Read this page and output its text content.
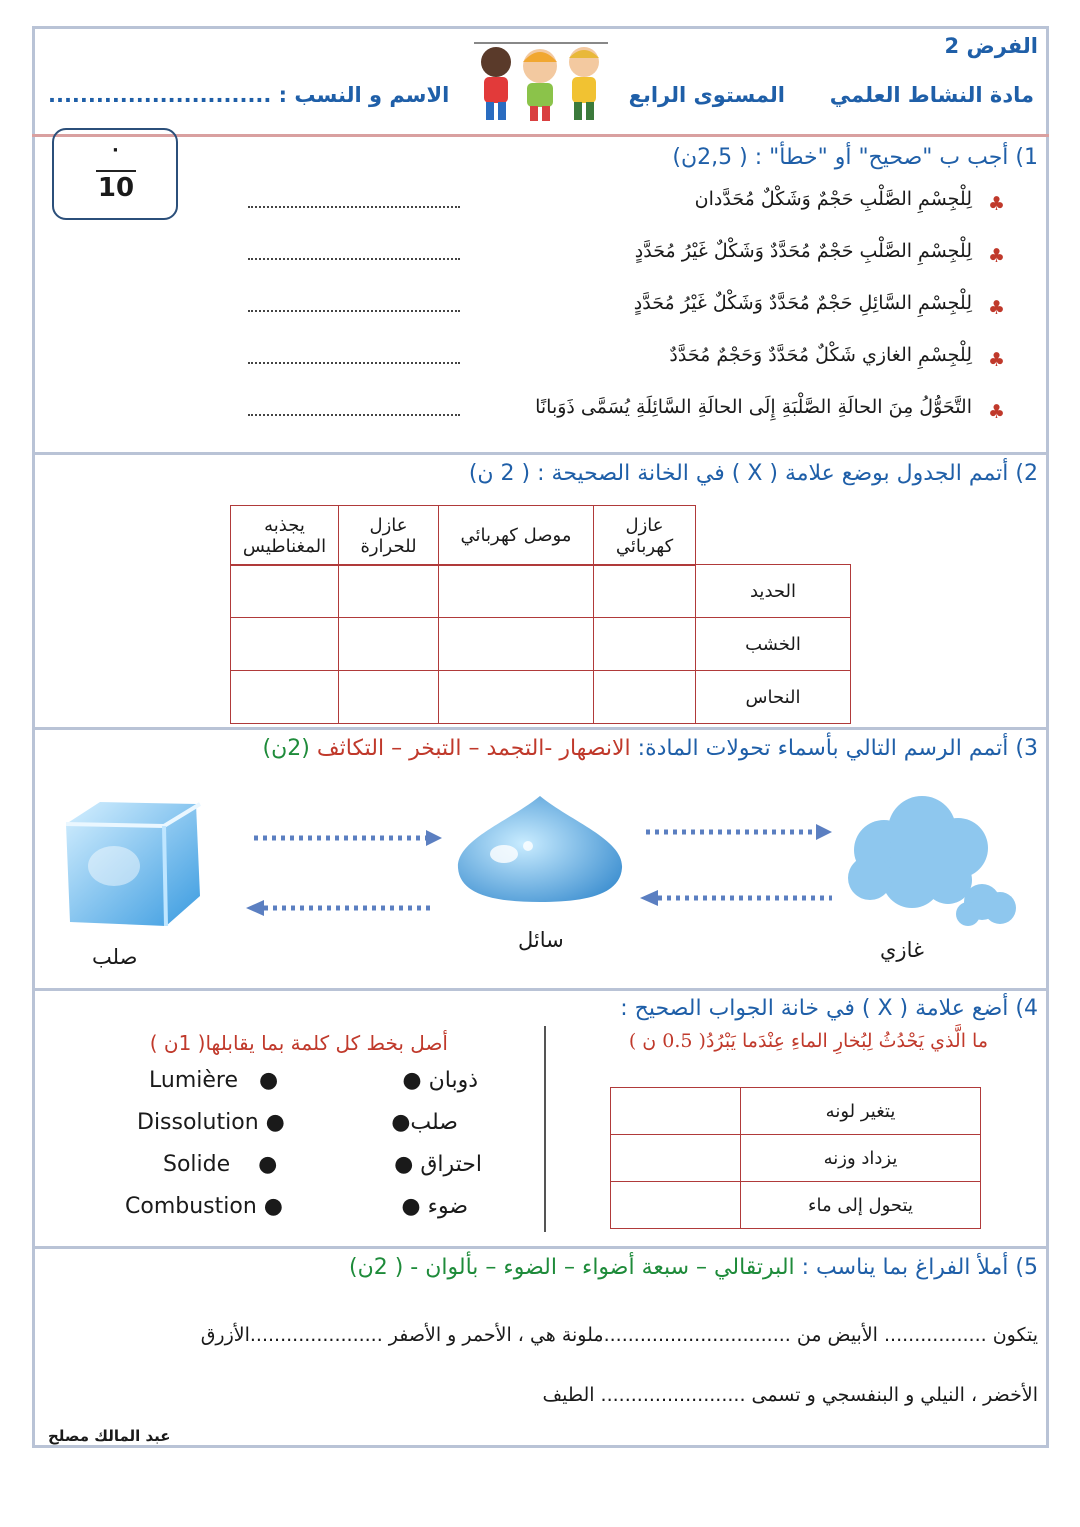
الفرض 2
مادة النشاط العلمي
المستوى الرابع
الاسم و النسب : ............................
·
10
1) أجب ب "صحيح" أو "خطأ" : ( 2,5ن)
♣
لِلْجِسْمِ الصَّلْبِ حَجْمٌ وَشَكْلٌ مُحَدَّدان
♣
لِلْجِسْمِ الصَّلْبِ حَجْمٌ مُحَدَّدٌ وَشَكْلٌ غَيْرُ مُحَدَّدٍ
♣
لِلْجِسْمِ السَّائِلِ حَجْمٌ مُحَدَّدٌ وَشَكْلٌ غَيْرُ مُحَدَّدٍ
♣
لِلْجِسْمِ الغازي شَكْلٌ مُحَدَّدٌ وَحَجْمٌ مُحَدَّدٌ
♣
التَّحَوُّلُ مِنَ الحالَةِ الصَّلْبَةِ إِلَى الحالَةِ السَّائِلَةِ يُسَمَّى ذَوَبانًا
2) أتمم الجدول بوضع علامة ( X ) في الخانة الصحيحة : ( 2 ن)
يجذبه المغناطيس	عازل للحرارة	موصل كهربائي	عازل كهربائي
				الحديد
				الخشب
				النحاس
3) أتمم الرسم التالي بأسماء تحولات المادة: الانصهار -التجمد – التبخر – التكاثف (2ن)
صلب
سائل	غازي
4) أضع علامة ( X ) في خانة الجواب الصحيح :
ما الَّذي يَحْدُثُ لِبُخارِ الماءِ عِنْدَما يَبْرُدُ( 0.5 ن )
	يتغير لونه
	يزداد وزنه
	يتحول إلى ماء
أصل بخط كل كلمة بما يقابلها( 1ن )
ذوبان ●
صلب●
احتراق ●
ضوء ●
Lumière ●
Dissolution ●
Solide ●
Combustion ●
5) أملأ الفراغ بما يناسب : البرتقالي – سبعة أضواء – الضوء – بألوان - ( 2ن)
يتكون ................. الأبيض من ...............................ملونة هي ، الأحمر و الأصفر ......................الأزرق
الأخضر ، النيلي و البنفسجي و تسمى ........................ الطيف
عبد المالك مصلح
